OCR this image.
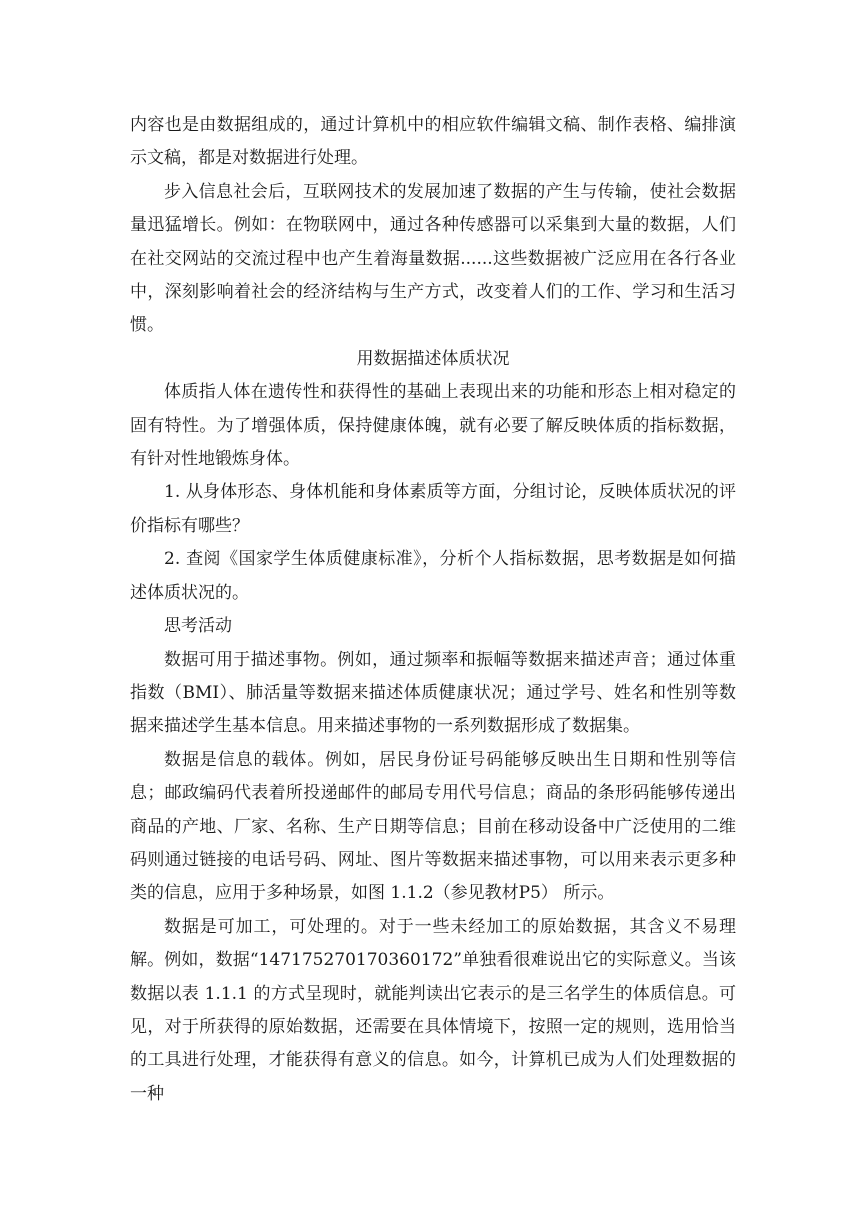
内容也是由数据组成的，通过计算机中的相应软件编辑文稿、制作表格、编排演示文稿，都是对数据进行处理。

步入信息社会后，互联网技术的发展加速了数据的产生与传输，使社会数据量迅猛增长。例如：在物联网中，通过各种传感器可以采集到大量的数据，人们在社交网站的交流过程中也产生着海量数据......这些数据被广泛应用在各行各业中，深刻影响着社会的经济结构与生产方式，改变着人们的工作、学习和生活习惯。

用数据描述体质状况

体质指人体在遗传性和获得性的基础上表现出来的功能和形态上相对稳定的固有特性。为了增强体质，保持健康体魄，就有必要了解反映体质的指标数据，有针对性地锻炼身体。

1. 从身体形态、身体机能和身体素质等方面，分组讨论，反映体质状况的评价指标有哪些？

2. 查阅《国家学生体质健康标准》，分析个人指标数据，思考数据是如何描述体质状况的。

思考活动

数据可用于描述事物。例如，通过频率和振幅等数据来描述声音；通过体重指数（BMI）、肺活量等数据来描述体质健康状况；通过学号、姓名和性别等数据来描述学生基本信息。用来描述事物的一系列数据形成了数据集。

数据是信息的载体。例如，居民身份证号码能够反映出生日期和性别等信息；邮政编码代表着所投递邮件的邮局专用代号信息；商品的条形码能够传递出商品的产地、厂家、名称、生产日期等信息；目前在移动设备中广泛使用的二维码则通过链接的电话号码、网址、图片等数据来描述事物，可以用来表示更多种类的信息，应用于多种场景，如图 1.1.2（参见教材P5） 所示。

数据是可加工，可处理的。对于一些未经加工的原始数据，其含义不易理解。例如，数据“147175270170360172”单独看很难说出它的实际意义。当该数据以表 1.1.1 的方式呈现时，就能判读出它表示的是三名学生的体质信息。可见，对于所获得的原始数据，还需要在具体情境下，按照一定的规则，选用恰当的工具进行处理，才能获得有意义的信息。如今，计算机已成为人们处理数据的一种
